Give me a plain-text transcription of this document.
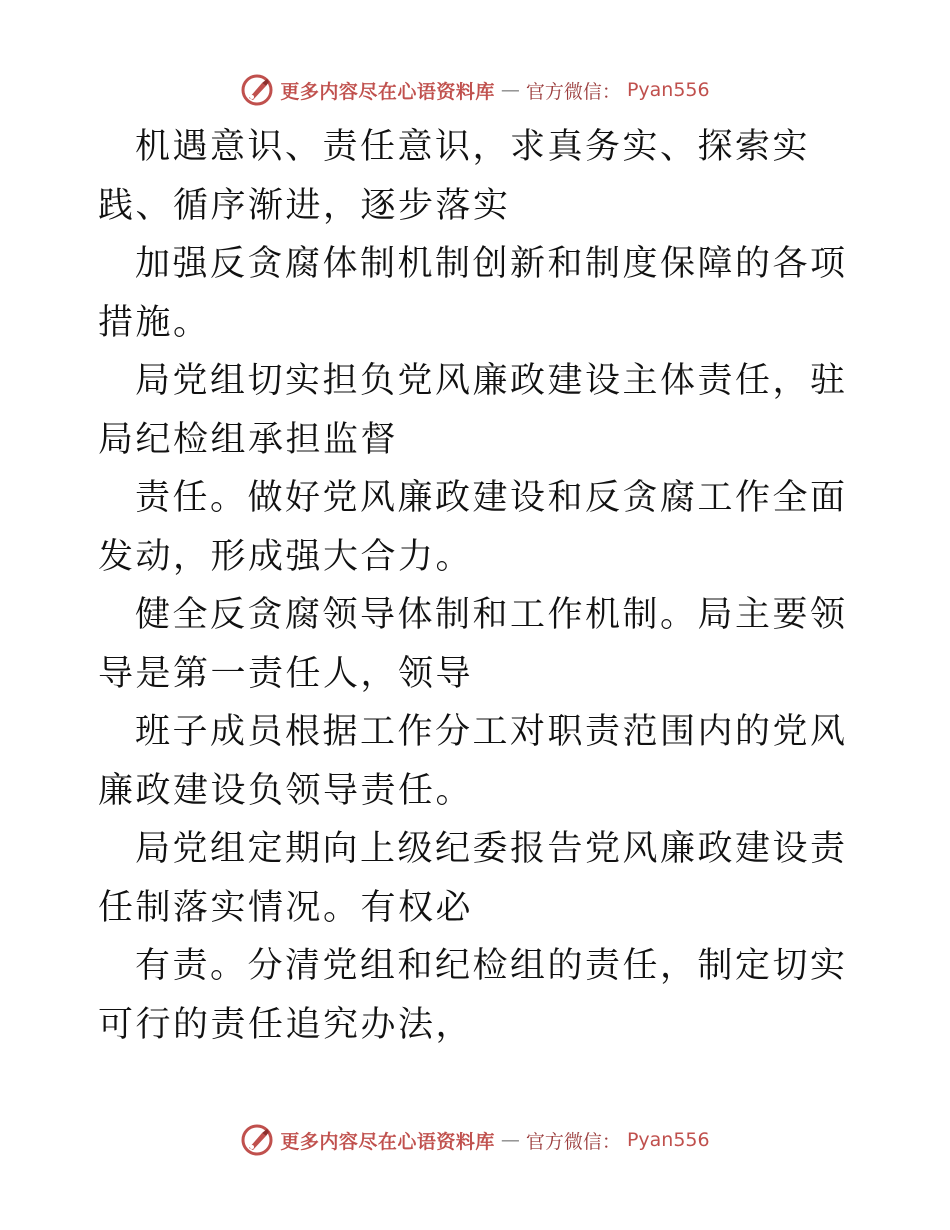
更多内容尽在心语资料库 — 官方微信： Pyan556

机遇意识、责任意识，求真务实、探索实践、循序渐进，逐步落实

加强反贪腐体制机制创新和制度保障的各项措施。

局党组切实担负党风廉政建设主体责任，驻局纪检组承担监督

责任。做好党风廉政建设和反贪腐工作全面发动，形成强大合力。

健全反贪腐领导体制和工作机制。局主要领导是第一责任人，领导

班子成员根据工作分工对职责范围内的党风廉政建设负领导责任。

局党组定期向上级纪委报告党风廉政建设责任制落实情况。有权必

有责。分清党组和纪检组的责任，制定切实可行的责任追究办法，

更多内容尽在心语资料库 — 官方微信： Pyan556
